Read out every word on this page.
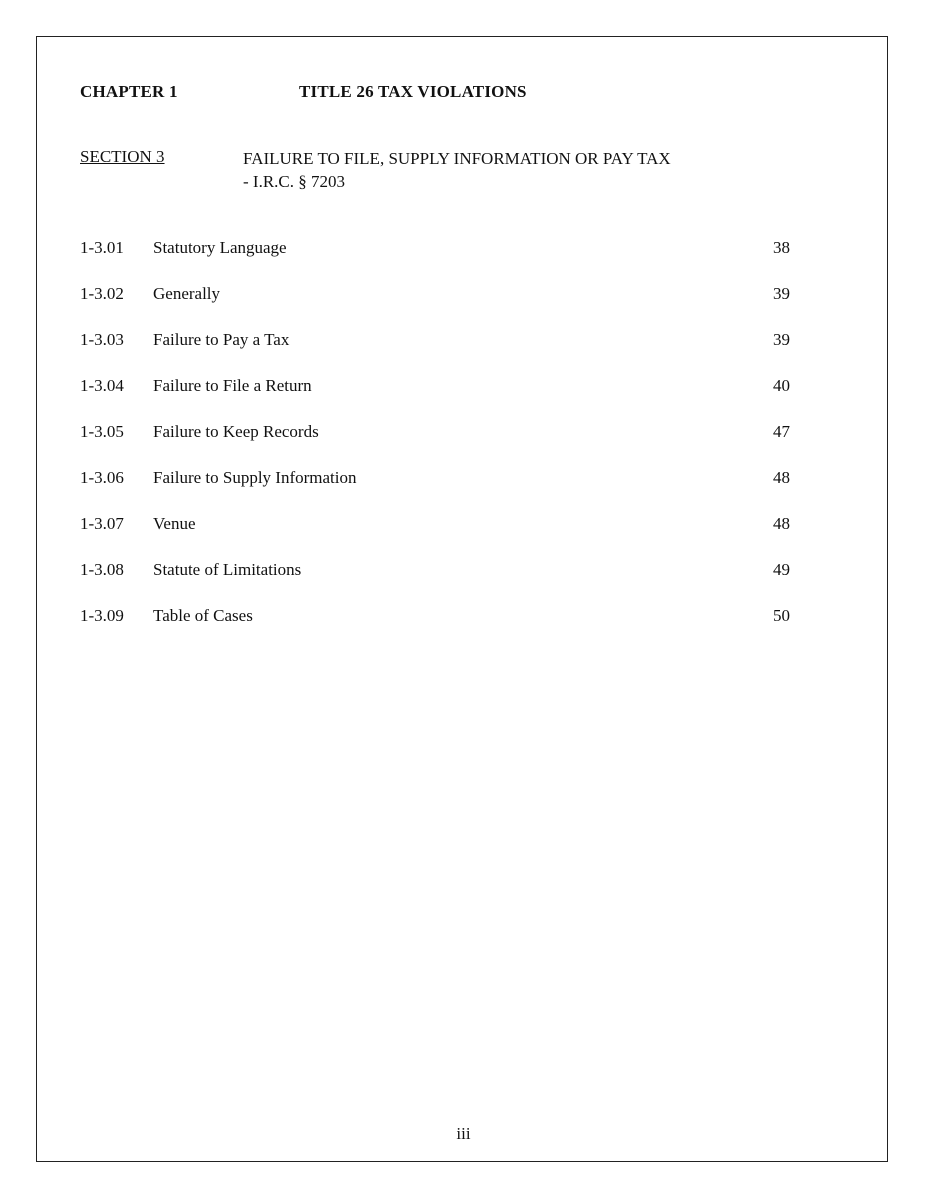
CHAPTER 1	TITLE 26 TAX VIOLATIONS
SECTION 3	FAILURE TO FILE, SUPPLY INFORMATION OR PAY TAX
- I.R.C. § 7203
1-3.01 Statutory Language	38
1-3.02 Generally	39
1-3.03 Failure to Pay a Tax	39
1-3.04 Failure to File a Return	40
1-3.05 Failure to Keep Records	47
1-3.06 Failure to Supply Information	48
1-3.07 Venue	48
1-3.08 Statute of Limitations	49
1-3.09 Table of Cases	50
iii
